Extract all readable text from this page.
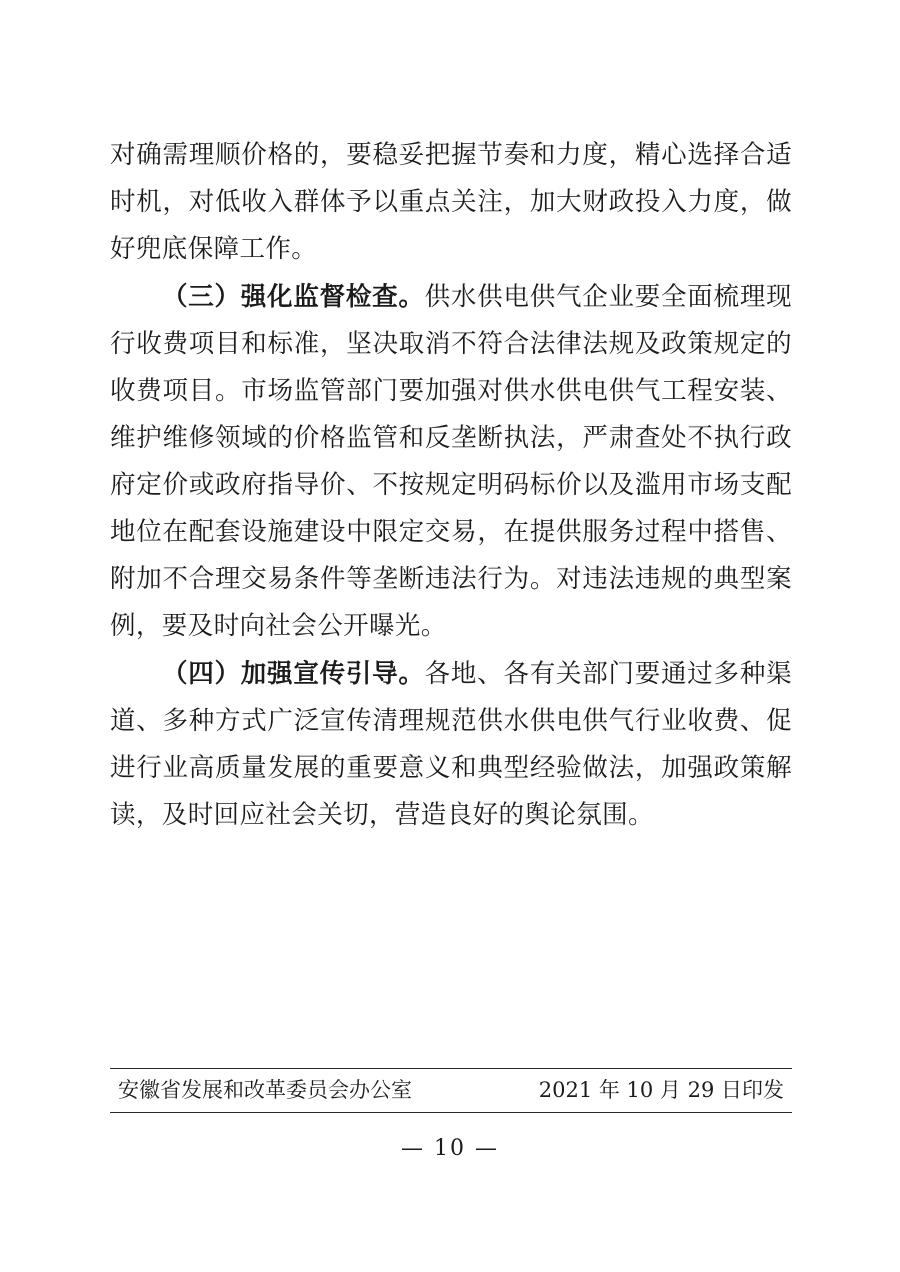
对确需理顺价格的，要稳妥把握节奏和力度，精心选择合适时机，对低收入群体予以重点关注，加大财政投入力度，做好兜底保障工作。

（三）强化监督检查。供水供电供气企业要全面梳理现行收费项目和标准，坚决取消不符合法律法规及政策规定的收费项目。市场监管部门要加强对供水供电供气工程安装、维护维修领域的价格监管和反垄断执法，严肃查处不执行政府定价或政府指导价、不按规定明码标价以及滥用市场支配地位在配套设施建设中限定交易，在提供服务过程中搭售、附加不合理交易条件等垄断违法行为。对违法违规的典型案例，要及时向社会公开曝光。

（四）加强宣传引导。各地、各有关部门要通过多种渠道、多种方式广泛宣传清理规范供水供电供气行业收费、促进行业高质量发展的重要意义和典型经验做法，加强政策解读，及时回应社会关切，营造良好的舆论氛围。

安徽省发展和改革委员会办公室	2021 年 10 月 29 日印发
— 10 —
